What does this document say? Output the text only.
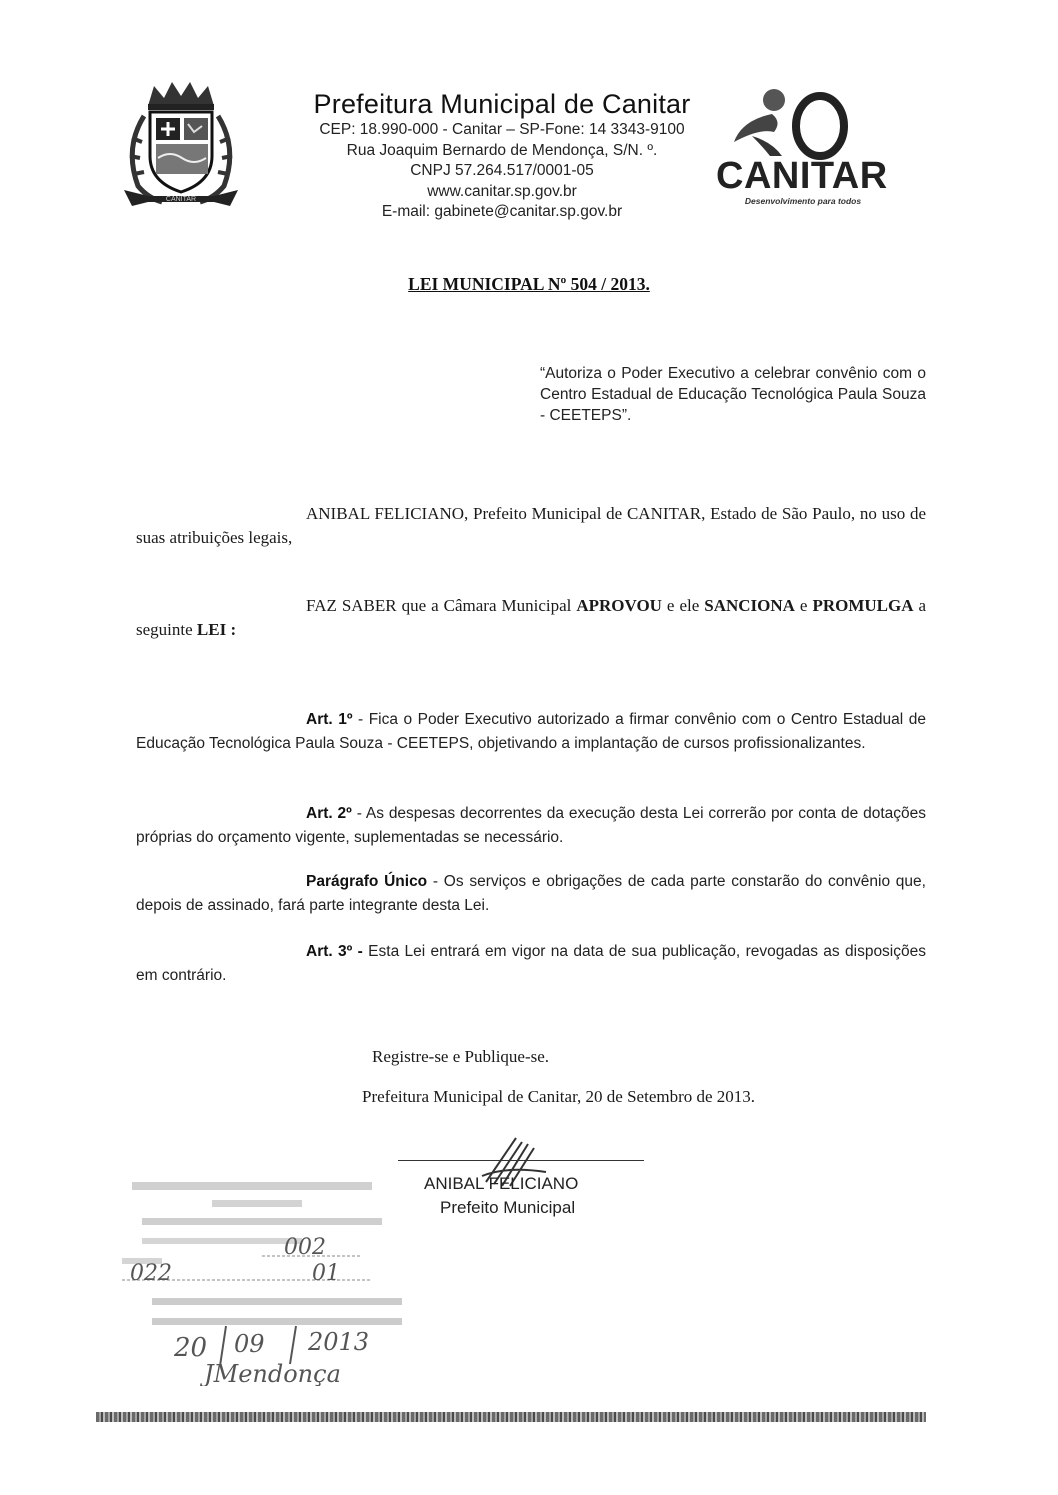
CANITAR
Prefeitura Municipal de Canitar
CEP: 18.990-000 - Canitar – SP-Fone: 14 3343-9100
Rua Joaquim Bernardo de Mendonça, S/N. º.
CNPJ 57.264.517/0001-05
www.canitar.sp.gov.br
E-mail: gabinete@canitar.sp.gov.br
CANITAR
Desenvolvimento para todos
LEI MUNICIPAL Nº 504 / 2013.
“Autoriza o Poder Executivo a celebrar convênio com o Centro Estadual de Educação Tecnológica Paula Souza - CEETEPS”.
ANIBAL FELICIANO, Prefeito Municipal de CANITAR, Estado de São Paulo, no uso de suas atribuições legais,
FAZ SABER que a Câmara Municipal APROVOU e ele SANCIONA e PROMULGA a seguinte LEI :
Art. 1º - Fica o Poder Executivo autorizado a firmar convênio com o Centro Estadual de Educação Tecnológica Paula Souza - CEETEPS, objetivando a implantação de cursos profissionalizantes.
Art. 2º - As despesas decorrentes da execução desta Lei correrão por conta de dotações próprias do orçamento vigente, suplementadas se necessário.
Parágrafo Único - Os serviços e obrigações de cada parte constarão do convênio que, depois de assinado, fará parte integrante desta Lei.
Art. 3º - Esta Lei entrará em vigor na data de sua publicação, revogadas as disposições em contrário.
Registre-se e Publique-se.
Prefeitura Municipal de Canitar, 20 de Setembro de 2013.
ANIBAL FELICIANO
Prefeito Municipal
002
022	01
20 09 2013
JMendonça
